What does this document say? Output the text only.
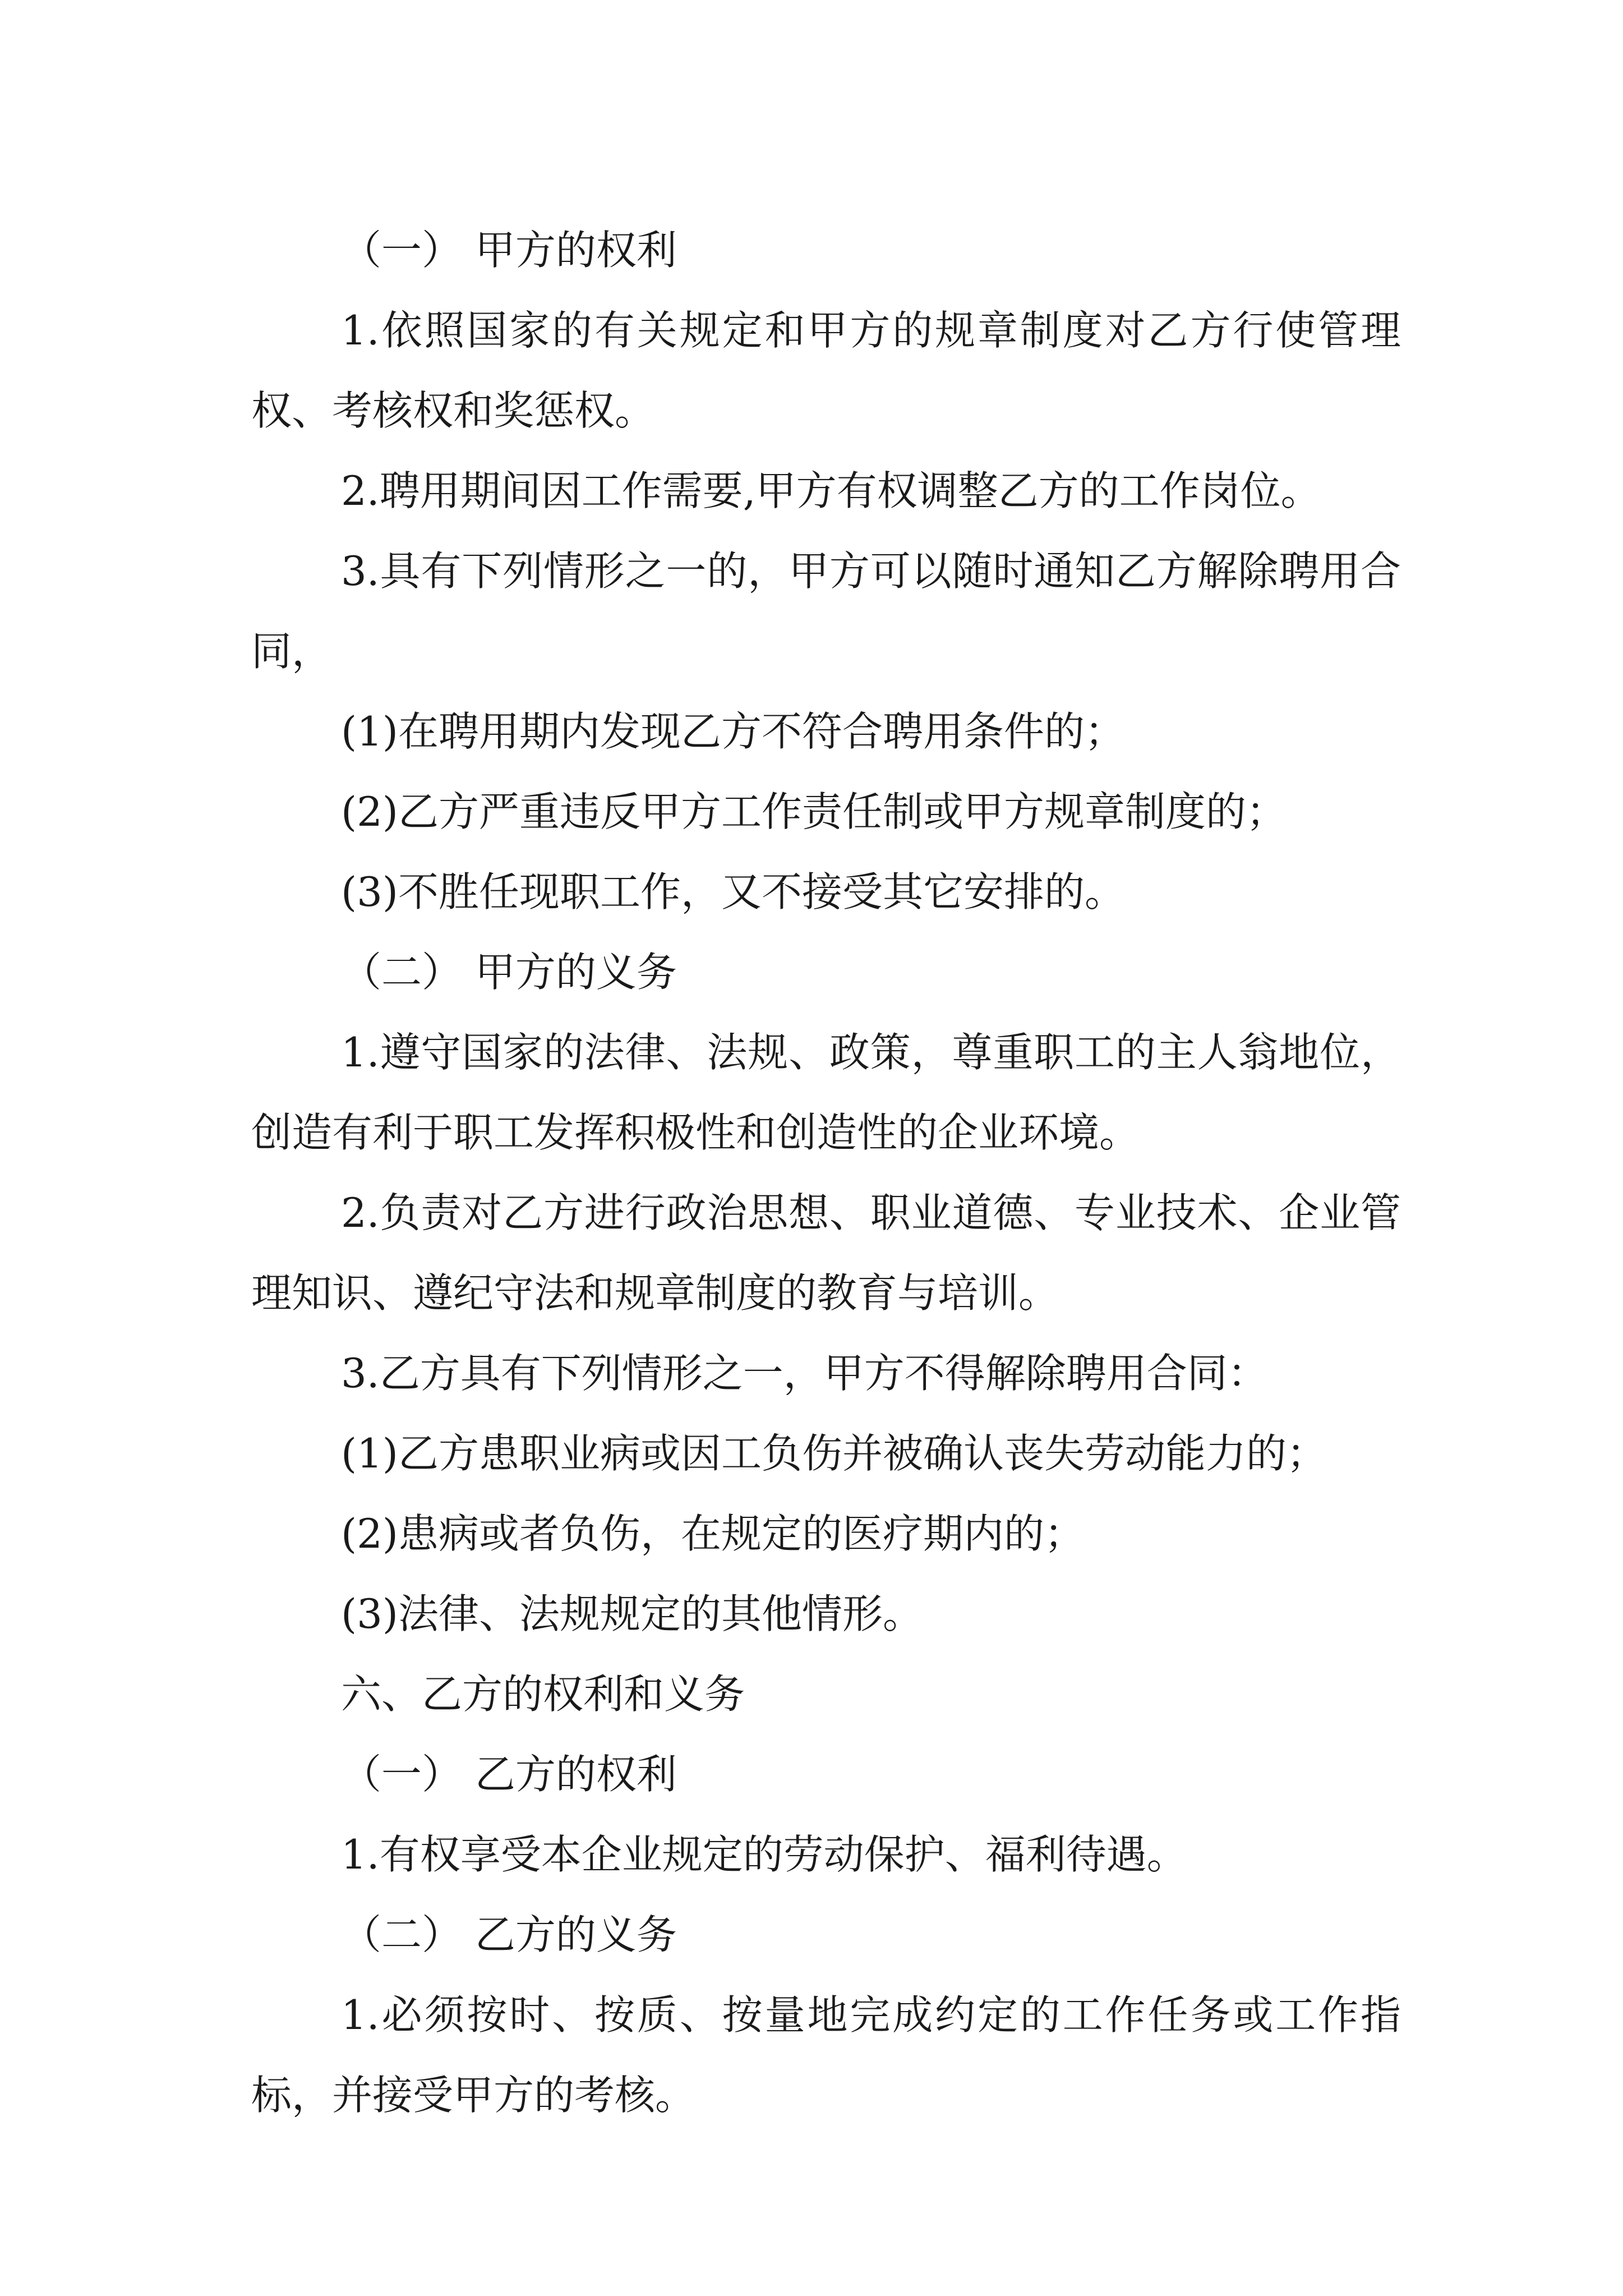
（一） 甲方的权利

1.依照国家的有关规定和甲方的规章制度对乙方行使管理权、考核权和奖惩权。

2.聘用期间因工作需要,甲方有权调整乙方的工作岗位。

3.具有下列情形之一的，甲方可以随时通知乙方解除聘用合同，

(1)在聘用期内发现乙方不符合聘用条件的；

(2)乙方严重违反甲方工作责任制或甲方规章制度的；

(3)不胜任现职工作，又不接受其它安排的。

（二） 甲方的义务

1.遵守国家的法律、法规、政策，尊重职工的主人翁地位，创造有利于职工发挥积极性和创造性的企业环境。

2.负责对乙方进行政治思想、职业道德、专业技术、企业管理知识、遵纪守法和规章制度的教育与培训。

3.乙方具有下列情形之一，甲方不得解除聘用合同：

(1)乙方患职业病或因工负伤并被确认丧失劳动能力的；

(2)患病或者负伤，在规定的医疗期内的；

(3)法律、法规规定的其他情形。

六、乙方的权利和义务

（一） 乙方的权利

1.有权享受本企业规定的劳动保护、福利待遇。

（二） 乙方的义务

1.必须按时、按质、按量地完成约定的工作任务或工作指标，并接受甲方的考核。
